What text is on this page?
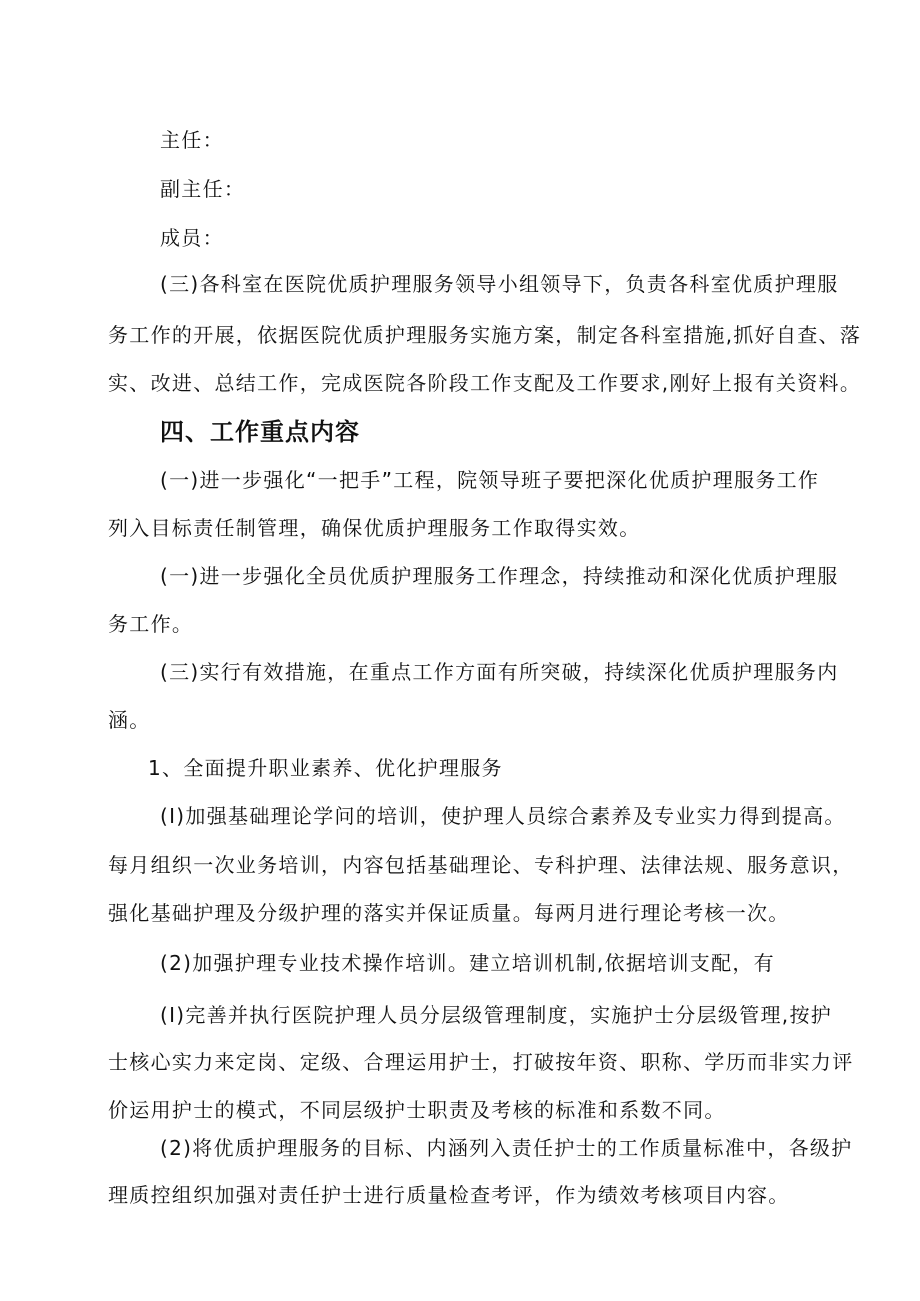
主任：
副主任：
成员：
(三)各科室在医院优质护理服务领导小组领导下，负责各科室优质护理服
务工作的开展，依据医院优质护理服务实施方案，制定各科室措施,抓好自查、落
实、改进、总结工作，完成医院各阶段工作支配及工作要求,刚好上报有关资料。
四、工作重点内容
(一)进一步强化“一把手”工程，院领导班子要把深化优质护理服务工作
列入目标责任制管理，确保优质护理服务工作取得实效。
(一)进一步强化全员优质护理服务工作理念，持续推动和深化优质护理服
务工作。
(三)实行有效措施，在重点工作方面有所突破，持续深化优质护理服务内
涵。
1、全面提升职业素养、优化护理服务
(I)加强基础理论学问的培训，使护理人员综合素养及专业实力得到提高。
每月组织一次业务培训，内容包括基础理论、专科护理、法律法规、服务意识，
强化基础护理及分级护理的落实并保证质量。每两月进行理论考核一次。
(2)加强护理专业技术操作培训。建立培训机制,依据培训支配，有
(I)完善并执行医院护理人员分层级管理制度，实施护士分层级管理,按护
士核心实力来定岗、定级、合理运用护士，打破按年资、职称、学历而非实力评
价运用护士的模式，不同层级护士职责及考核的标准和系数不同。
(2)将优质护理服务的目标、内涵列入责任护士的工作质量标准中，各级护
理质控组织加强对责任护士进行质量检查考评，作为绩效考核项目内容。
